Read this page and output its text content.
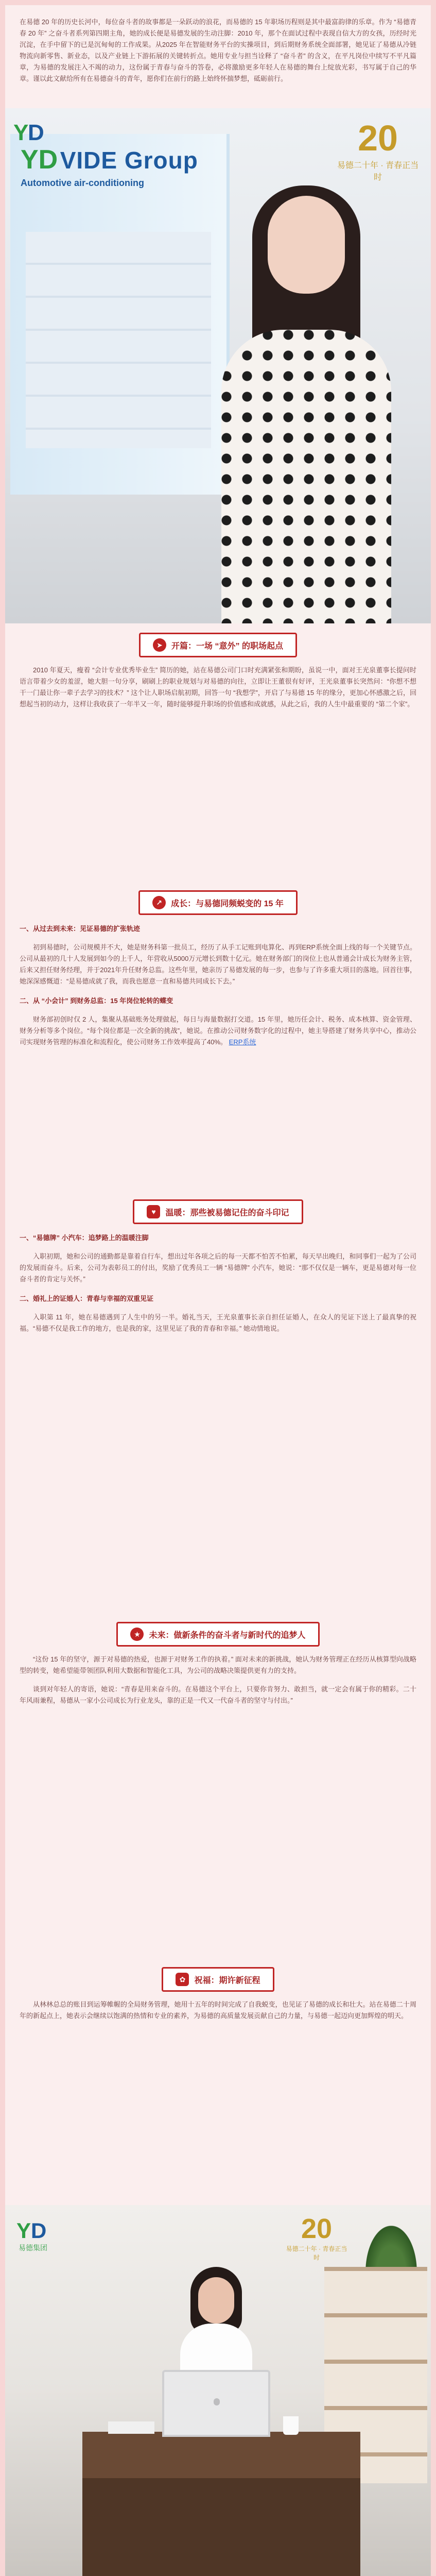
在易德 20 年的历史长河中，每位奋斗者的故事都是一朵跃动的浪花，而易德的 15 年职场历程则是其中最富韵律的乐章。作为 “易德青春 20 年” 之奋斗者系列第四期主角，她的成长便是易德发展的生动注脚：2010 年，那个在面试过程中表现自信大方的女孩，历经时光沉淀，在手中留下的已是沉甸甸的工作成果。从2025 年在智能财务平台的实操项目，到后期财务系统全面部署，她见证了易德从冷链物流向新零售、新业态，以及产业链上下游拓展的关键转折点。她用专业与担当诠释了 “奋斗者” 的含义，在平凡岗位中续写不平凡篇章，为易德的发展注入不竭的动力，这份属于青春与奋斗的答卷，必将激励更多年轻人在易德的舞台上绽放光彩，书写属于自己的华章。谨以此文献给所有在易德奋斗的青年，愿你们在前行的路上始终怀揣梦想，砥砺前行。
Y
D
YD VIDE Group
Automotive air-conditioning
20
易德二十年 · 青春正当时
➤	开篇：一场 “意外” 的职场起点
2010 年夏天，瘦着 “会计专业优秀毕业生” 简历的她，站在易德公司门口时充满紧张和期盼，虽说一中，面对王光泉董事长提问时语言带着少女的羞涩，她大胆一句分享，刷刷上的职业规划与对易德的向往，立即让王董很有好评，王光泉董事长突然问：“你想不想干一门最让你一辈子去学习的技术？” 这个让人职场启航初期，回答一句 “我想学”，开启了与易德 15 年的缘分，更加心怀感激之后，回想起当初的动力，这样让我收获了一年半又一年，随时能够提升职场的价值感和成就感，从此之后，我的人生中最重要的 “第二个家”。
↗	成长：与易德同频蜕变的 15 年
一、从过去到未来：见证易德的扩张轨迹
初到易德时，公司规模并不大，她是财务科第一批员工，经历了从手工记账到电算化、再到ERP系统全面上线的每一个关键节点。公司从最初的几十人发展到如今的上千人，年营收从5000万元增长到数十亿元。她在财务部门的岗位上也从普通会计成长为财务主管，后来又担任财务经理，并于2021年升任财务总监。这些年里，她亲历了易德发展的每一步，也参与了许多重大项目的落地。回首往事，她深深感慨道：“是易德成就了我，而我也愿意一直和易德共同成长下去。”
二、从 “小会计” 到财务总监：15 年岗位轮转的蝶变
财务部初创时仅 2 人，集聚从基础账务处理做起，每日与海量数据打交道。15 年里，她历任会计、税务、成本核算、资金管理、财务分析等多个岗位。“每个岗位都是一次全新的挑战”，她说。在推动公司财务数字化的过程中，她主导搭建了财务共享中心，推动公司实现财务管理的标准化和流程化，使公司财务工作效率提高了40%。 ERP系统
♥	温暖：那些被易德记住的奋斗印记
一、“易德牌” 小汽车：追梦路上的温暖注脚
入职初期，她和公司的通勤都是靠着自行车，想出过年各项之后的每一天都不怕苦不怕累，每天早出晚归，和同事们一起为了公司的发展而奋斗。后来，公司为表彰员工的付出，奖励了优秀员工一辆 “易德牌” 小汽车，她说：“那不仅仅是一辆车，更是易德对每一位奋斗者的肯定与关怀。”
二、婚礼上的证婚人：青春与幸福的双重见证
入职第 11 年，她在易德遇到了人生中的另一半。婚礼当天，王光泉董事长亲自担任证婚人，在众人的见证下送上了最真挚的祝福。“易德不仅是我工作的地方，也是我的家，这里见证了我的青春和幸福。” 她动情地说。
★	未来：做新条件的奋斗者与新时代的追梦人
“这份 15 年的坚守，源于对易德的热爱，也源于对财务工作的执着。” 面对未来的新挑战，她认为财务管理正在经历从核算型向战略型的转变，她希望能带领团队利用大数据和智能化工具，为公司的战略决策提供更有力的支持。
谈到对年轻人的寄语，她说：“青春是用来奋斗的。在易德这个平台上，只要你肯努力、敢担当，就一定会有属于你的精彩。二十年风雨兼程，易德从一家小公司成长为行业龙头，靠的正是一代又一代奋斗者的坚守与付出。”
✿	祝福：期许新征程
从林林总总的账目到运筹帷幄的全局财务管理，她用十五年的时间完成了自我蜕变，也见证了易德的成长和壮大。站在易德二十周年的新起点上，她表示会继续以饱满的热情和专业的素养，为易德的高质量发展贡献自己的力量，与易德一起迈向更加辉煌的明天。
Y D
易德集团
20
易德二十年 · 青春正当时
